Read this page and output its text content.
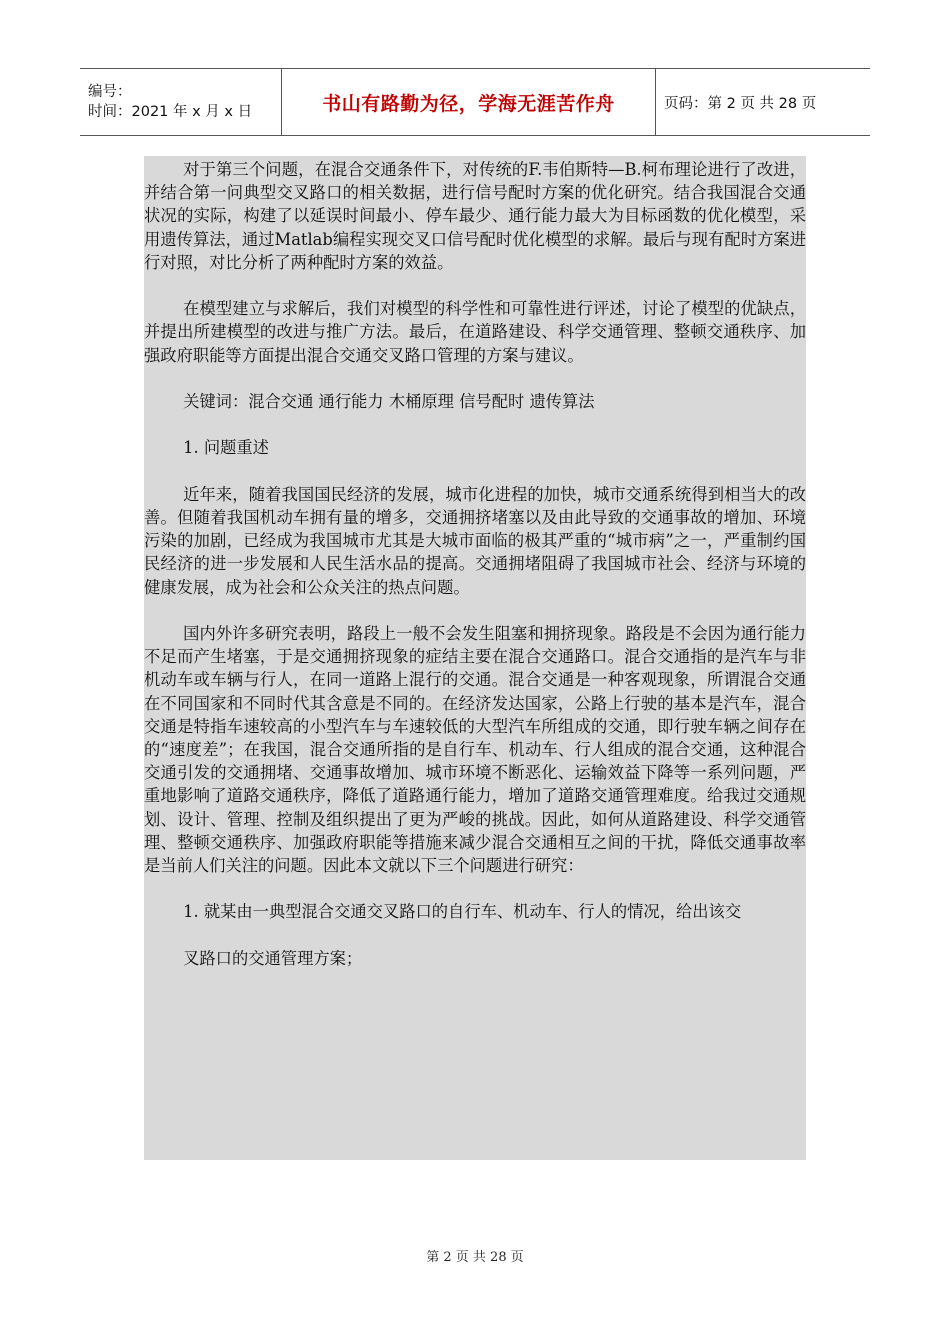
编号：
时间：2021 年 x 月 x 日	书山有路勤为径，学海无涯苦作舟	页码：第 2 页 共 28 页

对于第三个问题，在混合交通条件下，对传统的F.韦伯斯特—B.柯布理论进行了改进，并结合第一问典型交叉路口的相关数据，进行信号配时方案的优化研究。结合我国混合交通状况的实际，构建了以延误时间最小、停车最少、通行能力最大为目标函数的优化模型，采用遗传算法，通过Matlab编程实现交叉口信号配时优化模型的求解。最后与现有配时方案进行对照，对比分析了两种配时方案的效益。

在模型建立与求解后，我们对模型的科学性和可靠性进行评述，讨论了模型的优缺点，并提出所建模型的改进与推广方法。最后，在道路建设、科学交通管理、整顿交通秩序、加强政府职能等方面提出混合交通交叉路口管理的方案与建议。

关键词：混合交通 通行能力 木桶原理 信号配时 遗传算法

1. 问题重述

近年来，随着我国国民经济的发展，城市化进程的加快，城市交通系统得到相当大的改善。但随着我国机动车拥有量的增多，交通拥挤堵塞以及由此导致的交通事故的增加、环境污染的加剧，已经成为我国城市尤其是大城市面临的极其严重的“城市病”之一，严重制约国民经济的进一步发展和人民生活水品的提高。交通拥堵阻碍了我国城市社会、经济与环境的健康发展，成为社会和公众关注的热点问题。

国内外许多研究表明，路段上一般不会发生阻塞和拥挤现象。路段是不会因为通行能力不足而产生堵塞，于是交通拥挤现象的症结主要在混合交通路口。混合交通指的是汽车与非机动车或车辆与行人，在同一道路上混行的交通。混合交通是一种客观现象，所谓混合交通在不同国家和不同时代其含意是不同的。在经济发达国家，公路上行驶的基本是汽车，混合交通是特指车速较高的小型汽车与车速较低的大型汽车所组成的交通，即行驶车辆之间存在的“速度差”；在我国，混合交通所指的是自行车、机动车、行人组成的混合交通，这种混合交通引发的交通拥堵、交通事故增加、城市环境不断恶化、运输效益下降等一系列问题，严重地影响了道路交通秩序，降低了道路通行能力，增加了道路交通管理难度。给我过交通规划、设计、管理、控制及组织提出了更为严峻的挑战。因此，如何从道路建设、科学交通管理、整顿交通秩序、加强政府职能等措施来减少混合交通相互之间的干扰，降低交通事故率是当前人们关注的问题。因此本文就以下三个问题进行研究：

1. 就某由一典型混合交通交叉路口的自行车、机动车、行人的情况，给出该交

叉路口的交通管理方案；

第 2 页 共 28 页
